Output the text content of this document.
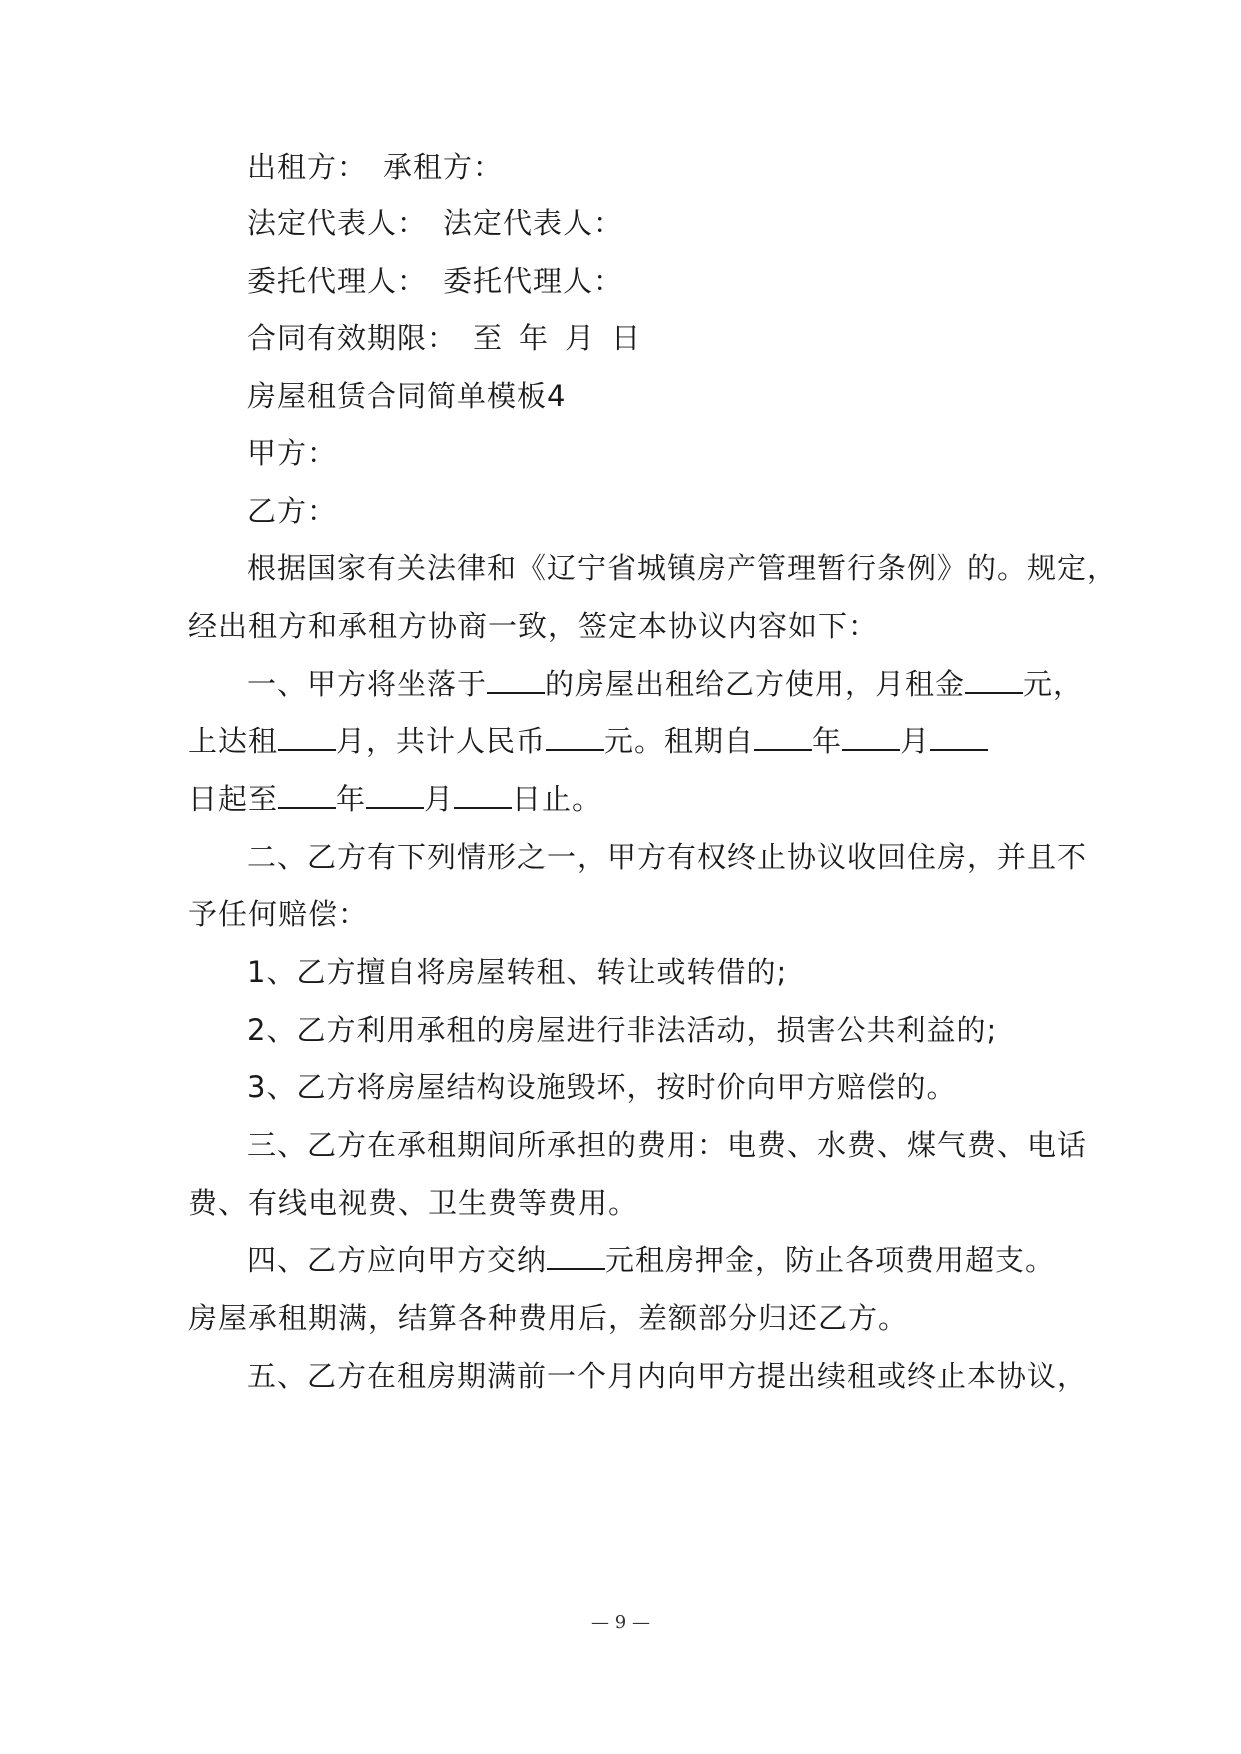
出租方： 承租方：
法定代表人： 法定代表人：
委托代理人： 委托代理人：
合同有效期限： 至 年 月 日
房屋租赁合同简单模板4
甲方：
乙方：
根据国家有关法律和《辽宁省城镇房产管理暂行条例》的。规定，
经出租方和承租方协商一致，签定本协议内容如下：
一、甲方将坐落于 的房屋出租给乙方使用，月租金 元，
上达租 月，共计人民币 元。租期自 年 月
日起至 年 月 日止。
二、乙方有下列情形之一，甲方有权终止协议收回住房，并且不
予任何赔偿：
1、乙方擅自将房屋转租、转让或转借的;
2、乙方利用承租的房屋进行非法活动，损害公共利益的;
3、乙方将房屋结构设施毁坏，按时价向甲方赔偿的。
三、乙方在承租期间所承担的费用：电费、水费、煤气费、电话
费、有线电视费、卫生费等费用。
四、乙方应向甲方交纳 元租房押金，防止各项费用超支。
房屋承租期满，结算各种费用后，差额部分归还乙方。
五、乙方在租房期满前一个月内向甲方提出续租或终止本协议，
— 9 —
